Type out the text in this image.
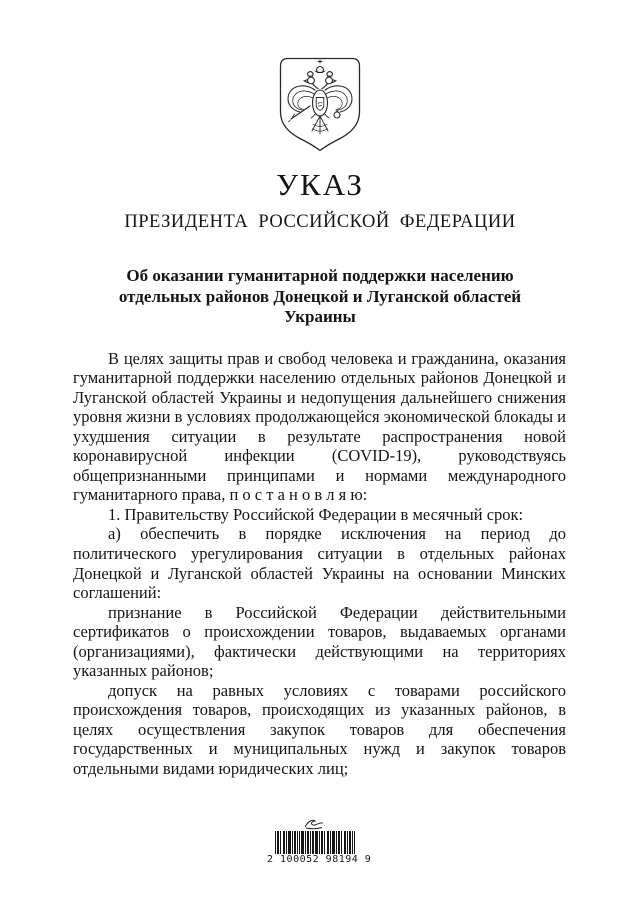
УКАЗ
ПРЕЗИДЕНТА РОССИЙСКОЙ ФЕДЕРАЦИИ
Об оказании гуманитарной поддержки населению
отдельных районов Донецкой и Луганской областей
Украины
В целях защиты прав и свобод человека и гражданина, оказания
гуманитарной поддержки населению отдельных районов Донецкой и
Луганской областей Украины и недопущения дальнейшего снижения
уровня жизни в условиях продолжающейся экономической блокады и
ухудшения ситуации в результате распространения новой
коронавирусной инфекции (COVID-19), руководствуясь
общепризнанными принципами и нормами международного
гуманитарного права, п о с т а н о в л я ю:
1. Правительству Российской Федерации в месячный срок:
а) обеспечить в порядке исключения на период до
политического урегулирования ситуации в отдельных районах
Донецкой и Луганской областей Украины на основании Минских
соглашений:
признание в Российской Федерации действительными
сертификатов о происхождении товаров, выдаваемых органами
(организациями), фактически действующими на территориях
указанных районов;
допуск на равных условиях с товарами российского
происхождения товаров, происходящих из указанных районов, в
целях осуществления закупок товаров для обеспечения
государственных и муниципальных нужд и закупок товаров
отдельными видами юридических лиц;
2 100052 98194 9
